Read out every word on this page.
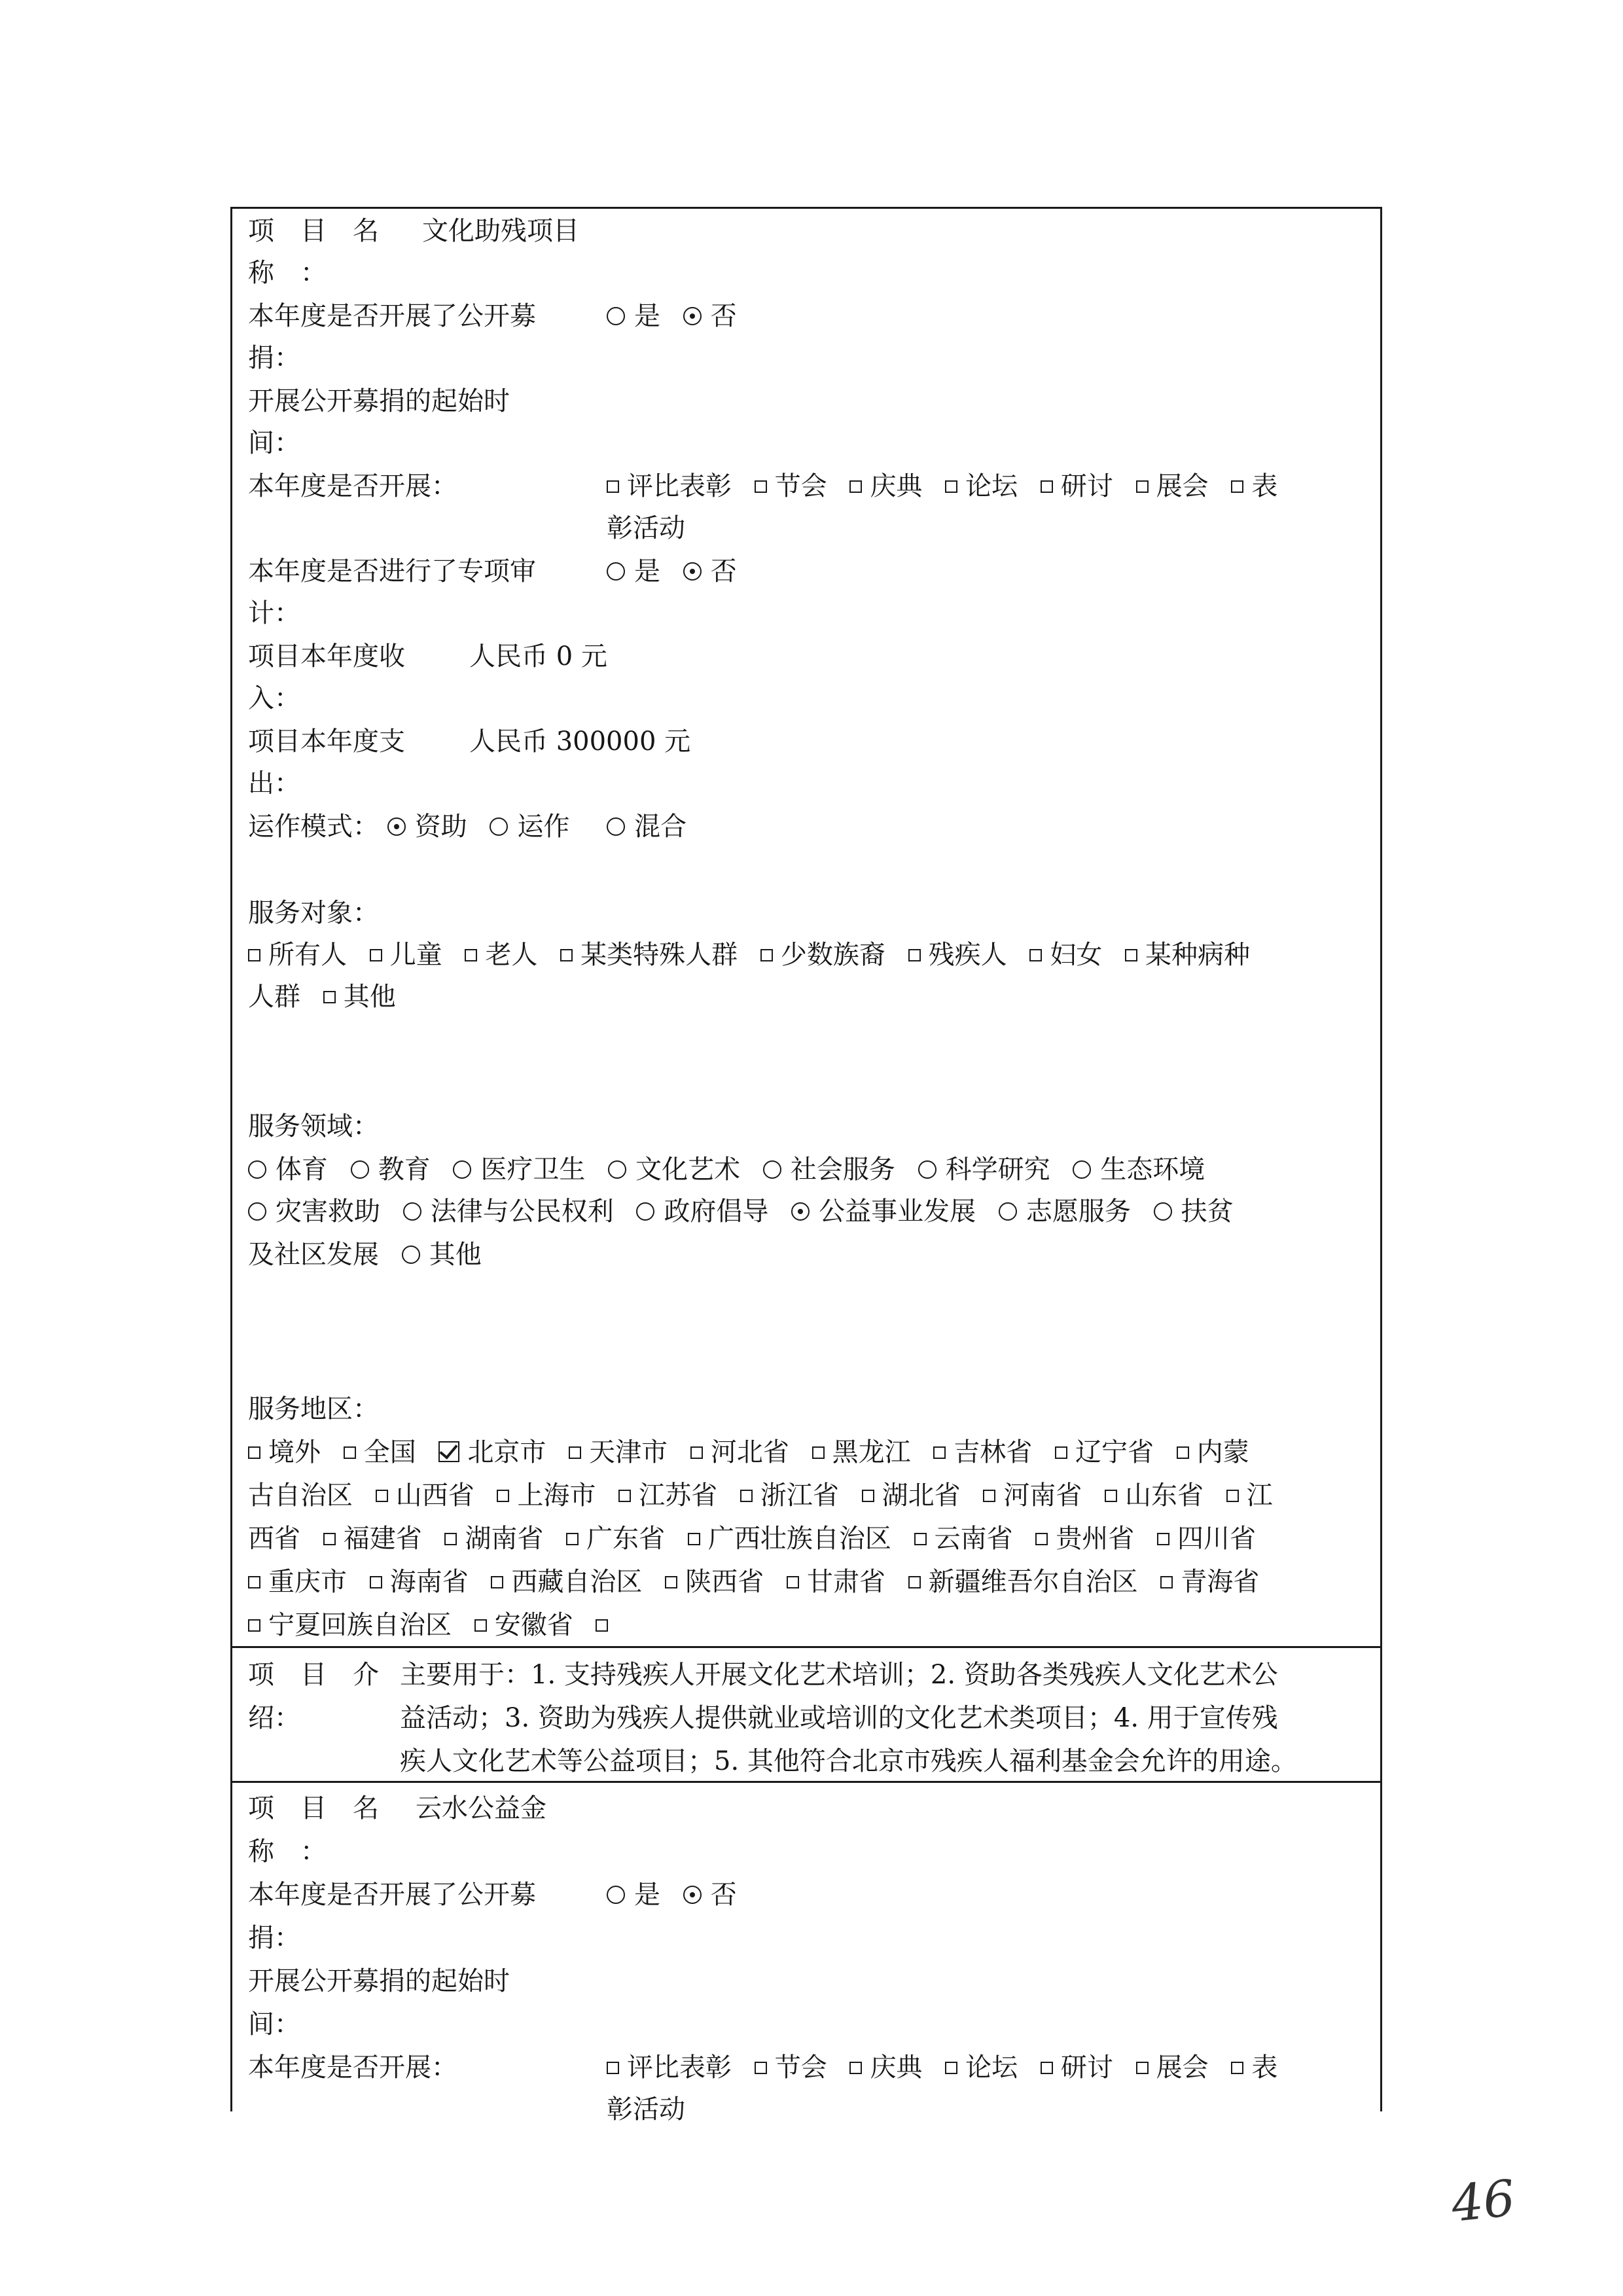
项　目　名 文化助残项目
称　：
本年度是否开展了公开募	是 否
捐：
开展公开募捐的起始时
间：
本年度是否开展：	评比表彰 节会 庆典 论坛 研讨 展会 表
彰活动
本年度是否进行了专项审	是 否
计：
项目本年度收 人民币 0 元
入：
项目本年度支 人民币 300000 元
出：
运作模式： 资助 运作 混合
服务对象：
所有人 儿童 老人 某类特殊人群 少数族裔 残疾人 妇女 某种病种
人群 其他
服务领域：
体育 教育 医疗卫生 文化艺术 社会服务 科学研究 生态环境
灾害救助 法律与公民权利 政府倡导 公益事业发展 志愿服务 扶贫
及社区发展 其他
服务地区：
境外 全国 北京市 天津市 河北省 黑龙江 吉林省 辽宁省 内蒙
古自治区 山西省 上海市 江苏省 浙江省 湖北省 河南省 山东省 江
西省 福建省 湖南省 广东省 广西壮族自治区 云南省 贵州省 四川省
重庆市 海南省 西藏自治区 陕西省 甘肃省 新疆维吾尔自治区 青海省
宁夏回族自治区 安徽省
项　目　介
绍：
主要用于：1. 支持残疾人开展文化艺术培训；2. 资助各类残疾人文化艺术公
益活动；3. 资助为残疾人提供就业或培训的文化艺术类项目；4. 用于宣传残
疾人文化艺术等公益项目；5. 其他符合北京市残疾人福利基金会允许的用途。
项　目　名 云水公益金
称　：
本年度是否开展了公开募	是 否
捐：
开展公开募捐的起始时
间：
本年度是否开展：	评比表彰 节会 庆典 论坛 研讨 展会 表
彰活动
46
